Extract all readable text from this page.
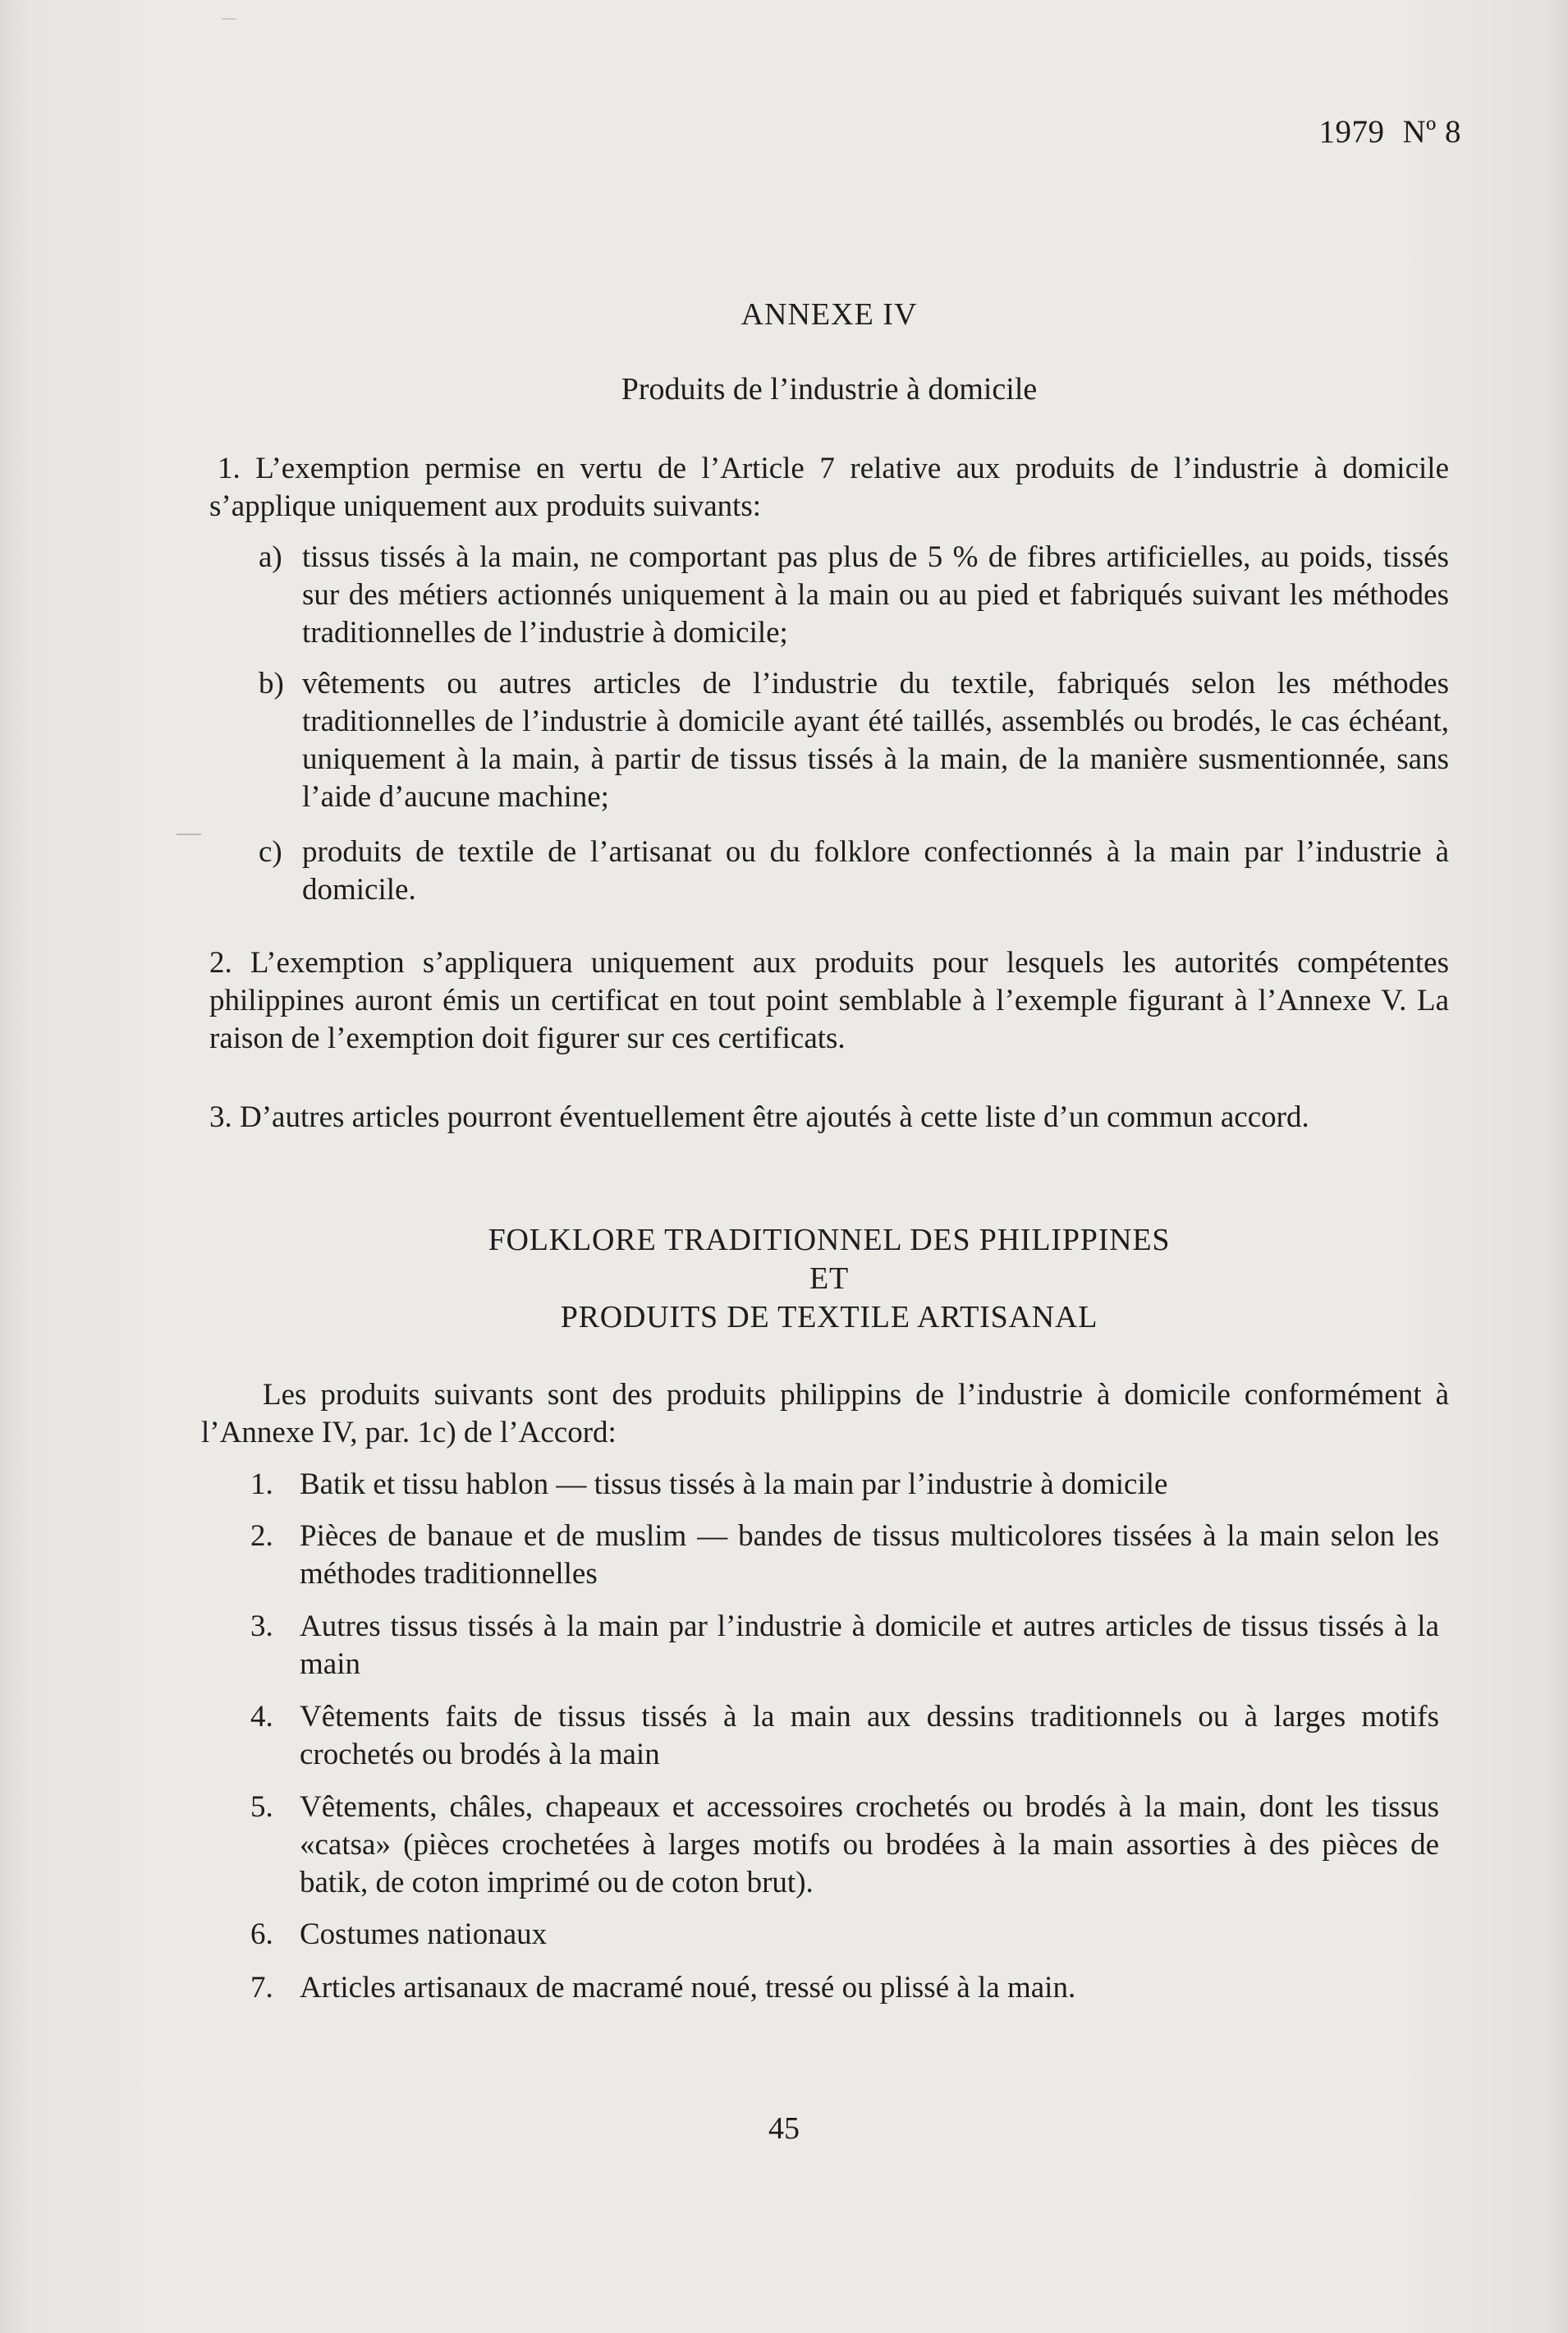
1979 Nº 8
ANNEXE IV
Produits de l’industrie à domicile
1. L’exemption permise en vertu de l’Article 7 relative aux produits de l’industrie à domicile s’applique uniquement aux produits suivants:
a) tissus tissés à la main, ne comportant pas plus de 5 % de fibres artificielles, au poids, tissés sur des métiers actionnés uniquement à la main ou au pied et fabriqués suivant les méthodes traditionnelles de l’industrie à domicile;
b) vêtements ou autres articles de l’industrie du textile, fabriqués selon les méthodes traditionnelles de l’industrie à domicile ayant été taillés, assemblés ou brodés, le cas échéant, uniquement à la main, à partir de tissus tissés à la main, de la manière susmentionnée, sans l’aide d’aucune machine;
c) produits de textile de l’artisanat ou du folklore confectionnés à la main par l’industrie à domicile.
2. L’exemption s’appliquera uniquement aux produits pour lesquels les autorités compétentes philippines auront émis un certificat en tout point semblable à l’exemple figurant à l’Annexe V. La raison de l’exemption doit figurer sur ces certificats.
3. D’autres articles pourront éventuellement être ajoutés à cette liste d’un commun accord.
FOLKLORE TRADITIONNEL DES PHILIPPINES
ET
PRODUITS DE TEXTILE ARTISANAL
Les produits suivants sont des produits philippins de l’industrie à domicile conformément à l’Annexe IV, par. 1c) de l’Accord:
1. Batik et tissu hablon — tissus tissés à la main par l’industrie à domicile
2. Pièces de banaue et de muslim — bandes de tissus multicolores tissées à la main selon les méthodes traditionnelles
3. Autres tissus tissés à la main par l’industrie à domicile et autres articles de tissus tissés à la main
4. Vêtements faits de tissus tissés à la main aux dessins traditionnels ou à larges motifs crochetés ou brodés à la main
5. Vêtements, châles, chapeaux et accessoires crochetés ou brodés à la main, dont les tissus «catsa» (pièces crochetées à larges motifs ou brodées à la main assorties à des pièces de batik, de coton imprimé ou de coton brut).
6. Costumes nationaux
7. Articles artisanaux de macramé noué, tressé ou plissé à la main.
45
